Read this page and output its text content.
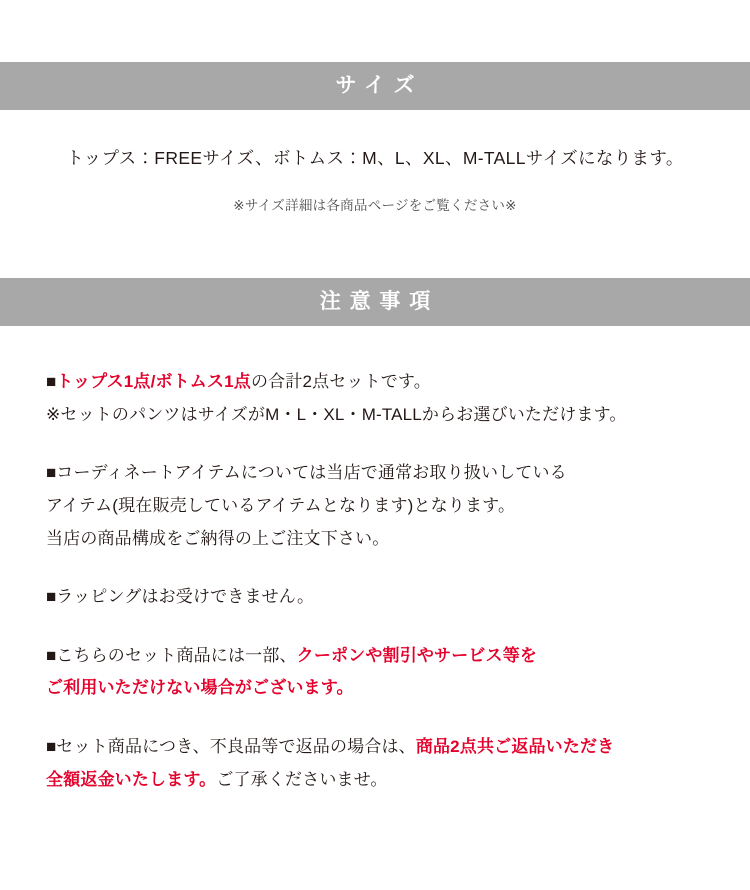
サイズ
トップス：FREEサイズ、ボトムス：M、L、XL、M-TALLサイズになります。
※サイズ詳細は各商品ページをご覧ください※
注意事項
■トップス1点/ボトムス1点の合計2点セットです。
※セットのパンツはサイズがM・L・XL・M-TALLからお選びいただけます。
■コーディネートアイテムについては当店で通常お取り扱いしている
アイテム(現在販売しているアイテムとなります)となります。
当店の商品構成をご納得の上ご注文下さい。
■ラッピングはお受けできません。
■こちらのセット商品には一部、クーポンや割引やサービス等を
ご利用いただけない場合がございます。
■セット商品につき、不良品等で返品の場合は、商品2点共ご返品いただき
全額返金いたします。ご了承くださいませ。
